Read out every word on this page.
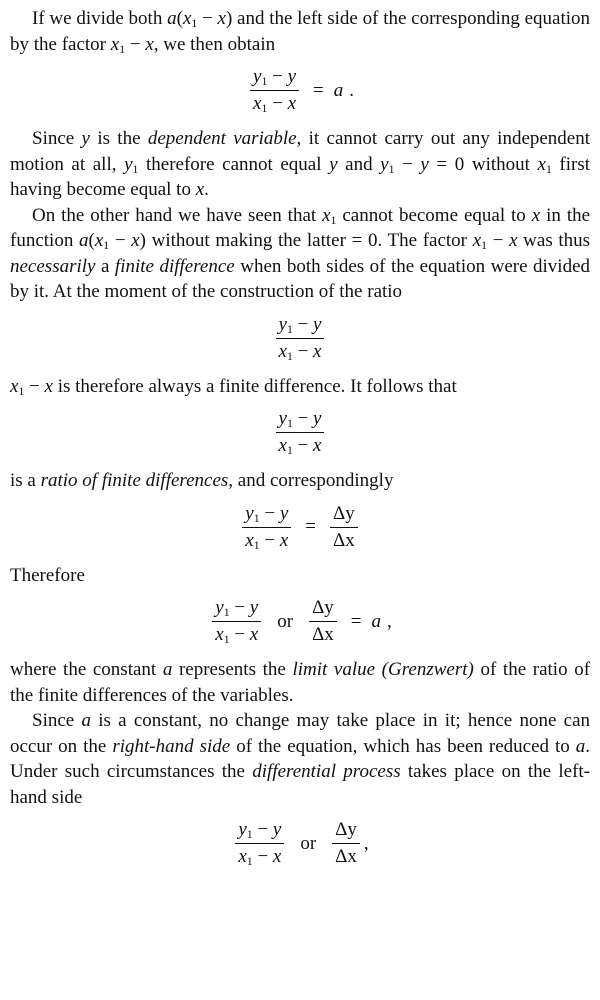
If we divide both $a(x_1 - x)$ and the left side of the corresponding equation by the factor $x_1 - x$, we then obtain

$\frac{y_1 - y}{x_1 - x} = a$ .

Since y is the dependent variable, it cannot carry out any independent motion at all, $y_1$ therefore cannot equal y and $y_1 - y = 0$ without $x_1$ first having become equal to x.

On the other hand we have seen that $x_1$ cannot become equal to x in the function $a(x_1 - x)$ without making the latter = 0. The factor $x_1 - x$ was thus necessarily a finite difference when both sides of the equation were divided by it. At the moment of the construction of the ratio

$\frac{y_1 - y}{x_1 - x}$

$x_1 - x$ is therefore always a finite difference. It follows that

$\frac{y_1 - y}{x_1 - x}$

is a ratio of finite differences, and correspondingly

$\frac{y_1 - y}{x_1 - x} = \frac{\Delta y}{\Delta x}$

Therefore

$\frac{y_1 - y}{x_1 - x}$ or $\frac{\Delta y}{\Delta x} = a$ ,

where the constant a represents the limit value (Grenzwert) of the ratio of the finite differences of the variables.

Since a is a constant, no change may take place in it; hence none can occur on the right-hand side of the equation, which has been reduced to a. Under such circumstances the differential process takes place on the left-hand side

$\frac{y_1 - y}{x_1 - x}$ or $\frac{\Delta y}{\Delta x}$ ,
